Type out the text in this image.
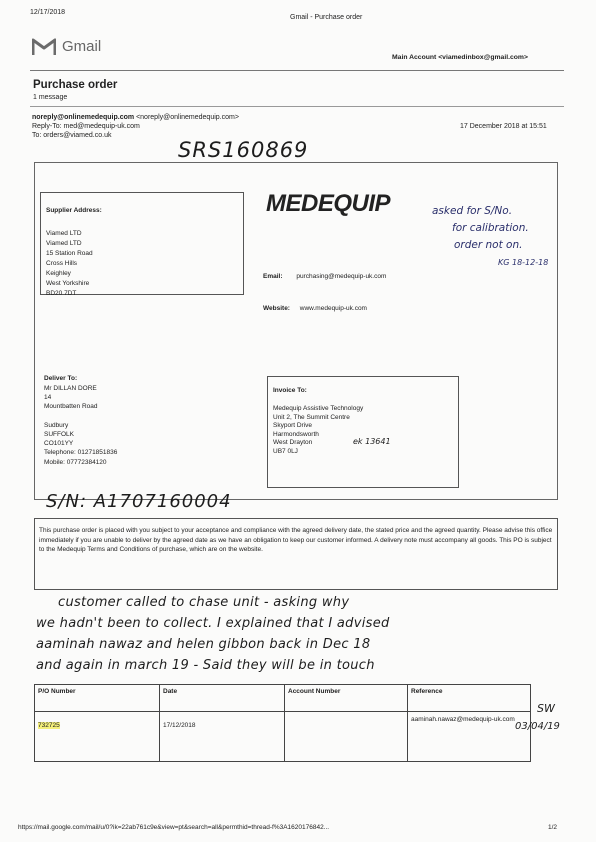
12/17/2018
Gmail - Purchase order
Gmail
Main Account <viamedinbox@gmail.com>
Purchase order
1 message
noreply@onlinemedequip.com <noreply@onlinemedequip.com>
Reply-To: med@medequip-uk.com
To: orders@viamed.co.uk
17 December 2018 at 15:51
SRS160869
Supplier Address:
Viamed LTD
Viamed LTD
15 Station Road
Cross Hills
Keighley
West Yorkshire
BD20 7DT
MEDEQUIP	asked for S/No.
for calibration.
order not on.
KG 18-12-18
Email: purchasing@medequip-uk.com
Website: www.medequip-uk.com
Deliver To:
Mr DILLAN DORE
14
Mountbatten Road

Sudbury
SUFFOLK
CO101YY
Telephone: 01271851836
Mobile: 07772384120
Invoice To:
Medequip Assistive Technology
Unit 2, The Summit Centre
Skyport Drive
Harmondsworth
West Drayton
UB7 0LJ
ek 13641
S/N: A1707160004
This purchase order is placed with you subject to your acceptance and compliance with the agreed delivery date, the stated price and the agreed quantity. Please advise this office immediately if you are unable to deliver by the agreed date as we have an obligation to keep our customer informed. A delivery note must accompany all goods. This PO is subject to the Medequip Terms and Conditions of purchase, which are on the website.
customer called to chase unit - asking why
we hadn't been to collect. I explained that I advised
aaminah nawaz and helen gibbon back in Dec 18
and again in march 19 - Said they will be in touch
P/O Number	Date	Account Number	Reference
732725	17/12/2018		aaminah.nawaz@medequip-uk.com
SW
03/04/19
https://mail.google.com/mail/u/0?ik=22ab761c9e&view=pt&search=all&permthid=thread-f%3A1620176842...	1/2
